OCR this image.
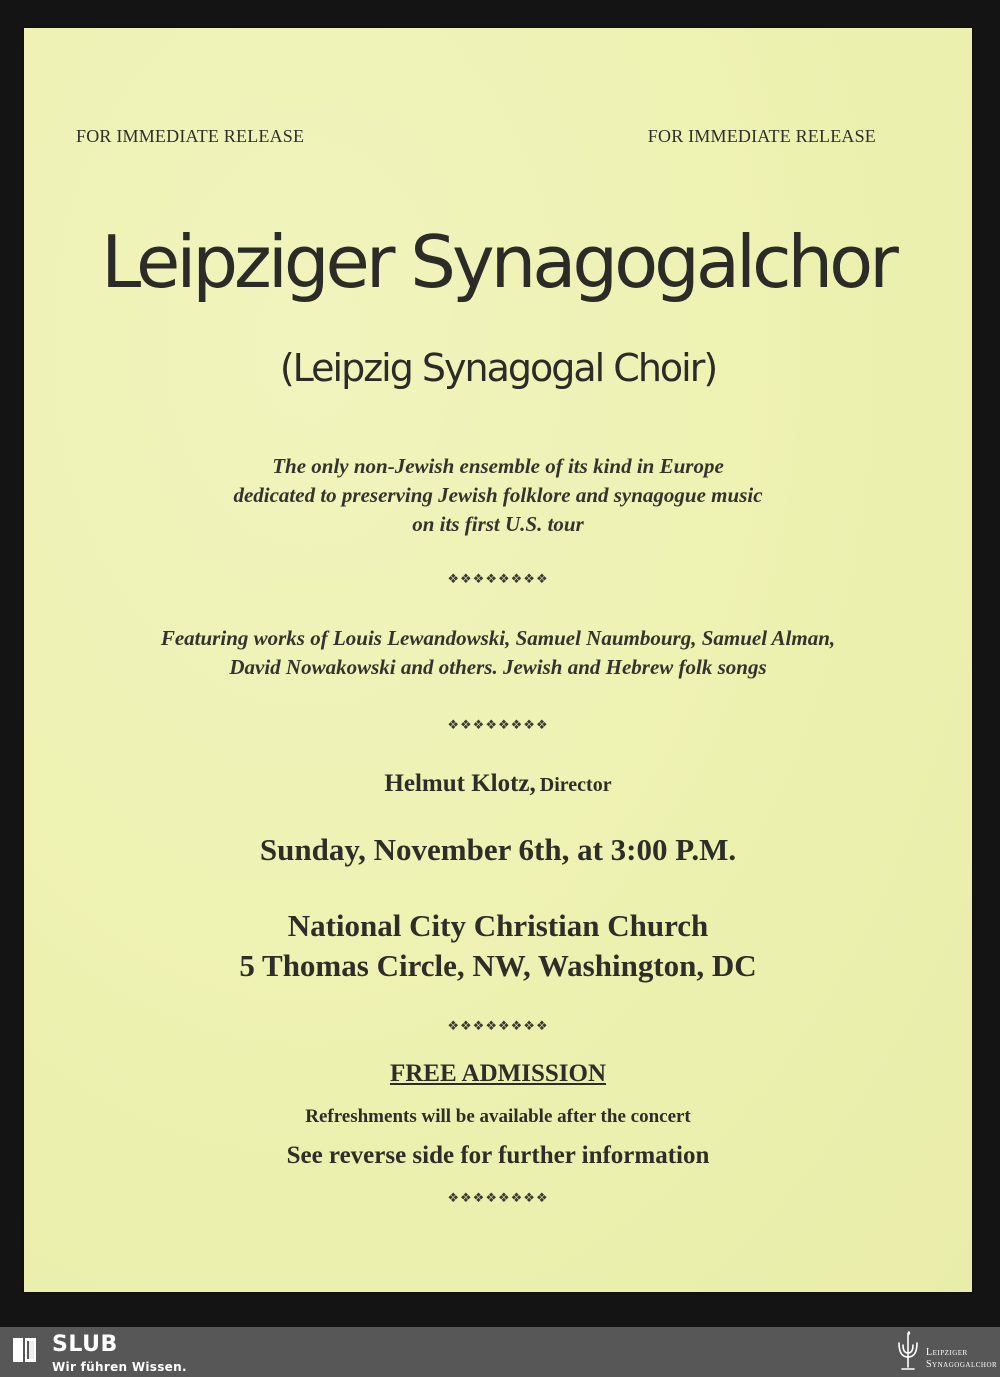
FOR IMMEDIATE RELEASE	FOR IMMEDIATE RELEASE
Leipziger Synagogalchor
(Leipzig Synagogal Choir)
The only non-Jewish ensemble of its kind in Europe
dedicated to preserving Jewish folklore and synagogue music
on its first U.S. tour
❖❖❖❖❖❖❖❖
Featuring works of Louis Lewandowski, Samuel Naumbourg, Samuel Alman,
David Nowakowski and others. Jewish and Hebrew folk songs
❖❖❖❖❖❖❖❖
Helmut Klotz, Director
Sunday, November 6th, at 3:00 P.M.
National City Christian Church
5 Thomas Circle, NW, Washington, DC
❖❖❖❖❖❖❖❖
FREE ADMISSION
Refreshments will be available after the concert
See reverse side for further information
❖❖❖❖❖❖❖❖
SLUB
Wir führen Wissen.
Leipziger
Synagogalchor
